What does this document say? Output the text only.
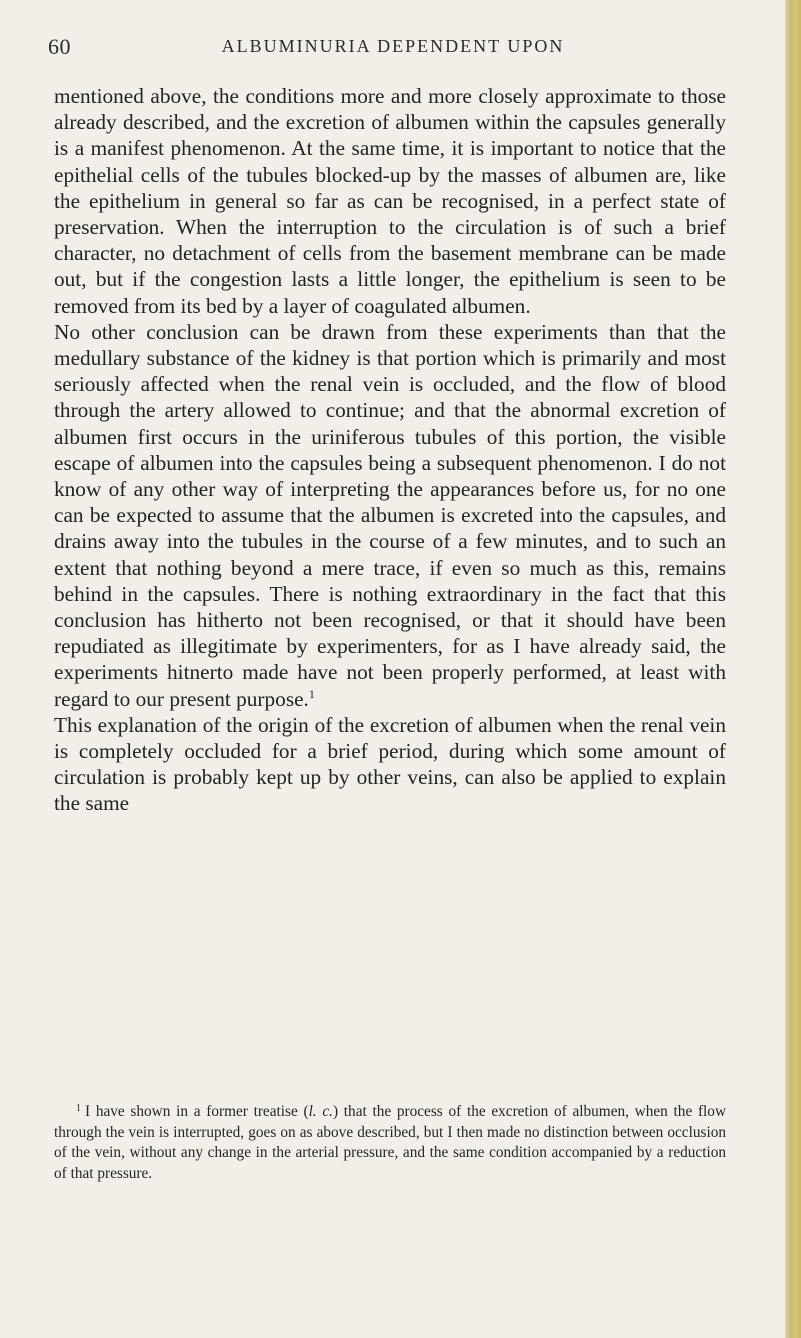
60	ALBUMINURIA DEPENDENT UPON

mentioned above, the conditions more and more closely approximate to those already described, and the excretion of albumen within the capsules generally is a manifest phenomenon. At the same time, it is important to notice that the epithelial cells of the tubules blocked-up by the masses of albumen are, like the epithelium in general so far as can be recognised, in a perfect state of preservation. When the interruption to the circulation is of such a brief character, no detachment of cells from the basement membrane can be made out, but if the congestion lasts a little longer, the epithelium is seen to be removed from its bed by a layer of coagulated albumen.

No other conclusion can be drawn from these experiments than that the medullary substance of the kidney is that portion which is primarily and most seriously affected when the renal vein is occluded, and the flow of blood through the artery allowed to continue; and that the abnormal excretion of albumen first occurs in the uriniferous tubules of this portion, the visible escape of albumen into the capsules being a subsequent phenomenon. I do not know of any other way of interpreting the appearances before us, for no one can be expected to assume that the albumen is excreted into the capsules, and drains away into the tubules in the course of a few minutes, and to such an extent that nothing beyond a mere trace, if even so much as this, remains behind in the capsules. There is nothing extraordinary in the fact that this conclusion has hitherto not been recognised, or that it should have been repudiated as illegitimate by experimenters, for as I have already said, the experiments hitnerto made have not been properly performed, at least with regard to our present purpose.$^1$

This explanation of the origin of the excretion of albumen when the renal vein is completely occluded for a brief period, during which some amount of circulation is probably kept up by other veins, can also be applied to explain the same

$^1$ I have shown in a former treatise (l. c.) that the process of the excretion of albumen, when the flow through the vein is interrupted, goes on as above described, but I then made no distinction between occlusion of the vein, without any change in the arterial pressure, and the same condition accompanied by a reduction of that pressure.
